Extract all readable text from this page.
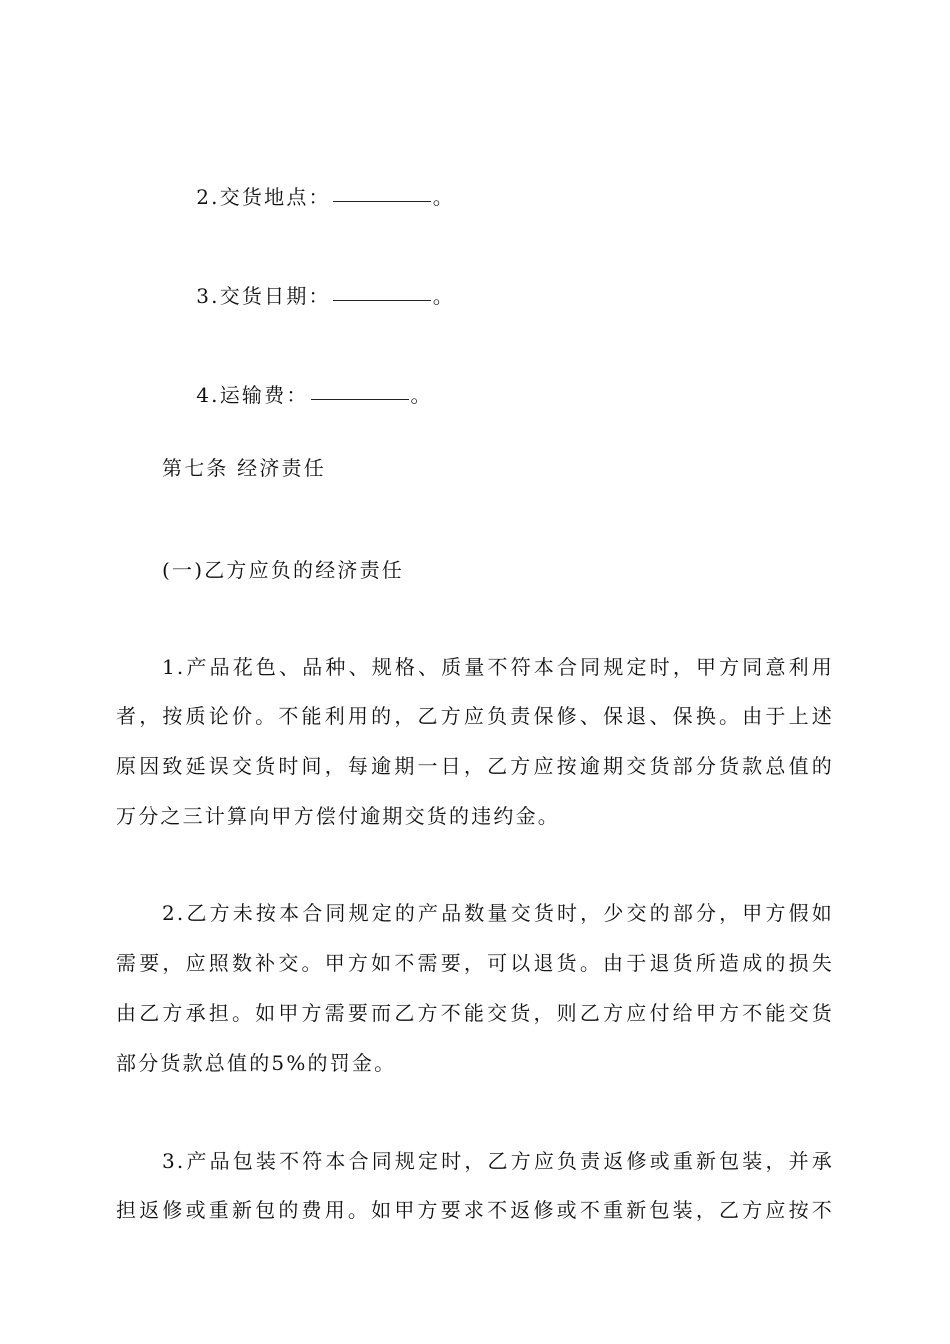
2.交货地点：	。

3.交货日期：	。

4.运输费：	。

第七条 经济责任
(一)乙方应负的经济责任
1.产品花色、品种、规格、质量不符本合同规定时，甲方同意利用
者，按质论价。不能利用的，乙方应负责保修、保退、保换。由于上述
原因致延误交货时间，每逾期一日，乙方应按逾期交货部分货款总值的
万分之三计算向甲方偿付逾期交货的违约金。
2.乙方未按本合同规定的产品数量交货时，少交的部分，甲方假如
需要，应照数补交。甲方如不需要，可以退货。由于退货所造成的损失
由乙方承担。如甲方需要而乙方不能交货，则乙方应付给甲方不能交货
部分货款总值的5%的罚金。
3.产品包装不符本合同规定时，乙方应负责返修或重新包装，并承
担返修或重新包的费用。如甲方要求不返修或不重新包装，乙方应按不
